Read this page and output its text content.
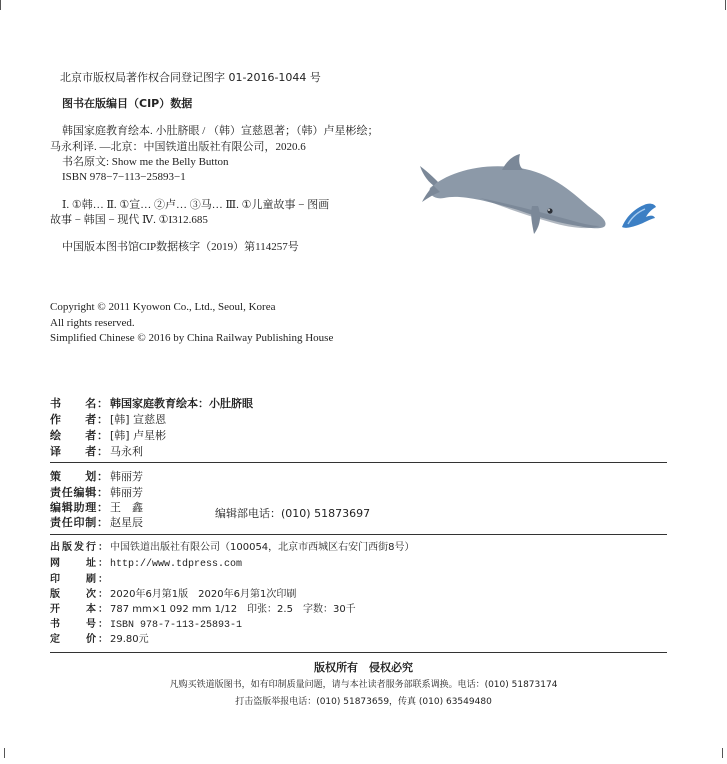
北京市版权局著作权合同登记图字 01-2016-1044 号
图书在版编目（CIP）数据
韩国家庭教育绘本. 小肚脐眼 / （韩）宣慈恩著；（韩）卢星彬绘；
马永利译. —北京：中国铁道出版社有限公司，2020.6
书名原文: Show me the Belly Button
ISBN 978−7−113−25893−1
Ⅰ. ①韩… Ⅱ. ①宣… ②卢… ③马… Ⅲ. ①儿童故事 − 图画
故事 − 韩国 − 现代 Ⅳ. ①I312.685
中国版本图书馆CIP数据核字（2019）第114257号
Copyright © 2011 Kyowon Co., Ltd., Seoul, Korea
All rights reserved.
Simplified Chinese © 2016 by China Railway Publishing House
书　　名： 韩国家庭教育绘本：小肚脐眼
作　　者： [韩] 宣慈恩
绘　　者： [韩] 卢星彬
译　　者： 马永利
策　　划： 韩丽芳
责任编辑： 韩丽芳
编辑助理： 王　鑫
责任印制： 赵星辰
编辑部电话：(010) 51873697
出版发行： 中国铁道出版社有限公司（100054，北京市西城区右安门西街8号）
网　　址： http://www.tdpress.com
印　　刷：
版　　次： 2020年6月第1版　2020年6月第1次印刷
开　　本： 787 mm×1 092 mm 1/12　印张：2.5　字数：30千
书　　号： ISBN 978-7-113-25893-1
定　　价： 29.80元
版权所有　侵权必究
凡购买铁道版图书，如有印制质量问题，请与本社读者服务部联系调换。电话：(010) 51873174
打击盗版举报电话：(010) 51873659，传真 (010) 63549480
